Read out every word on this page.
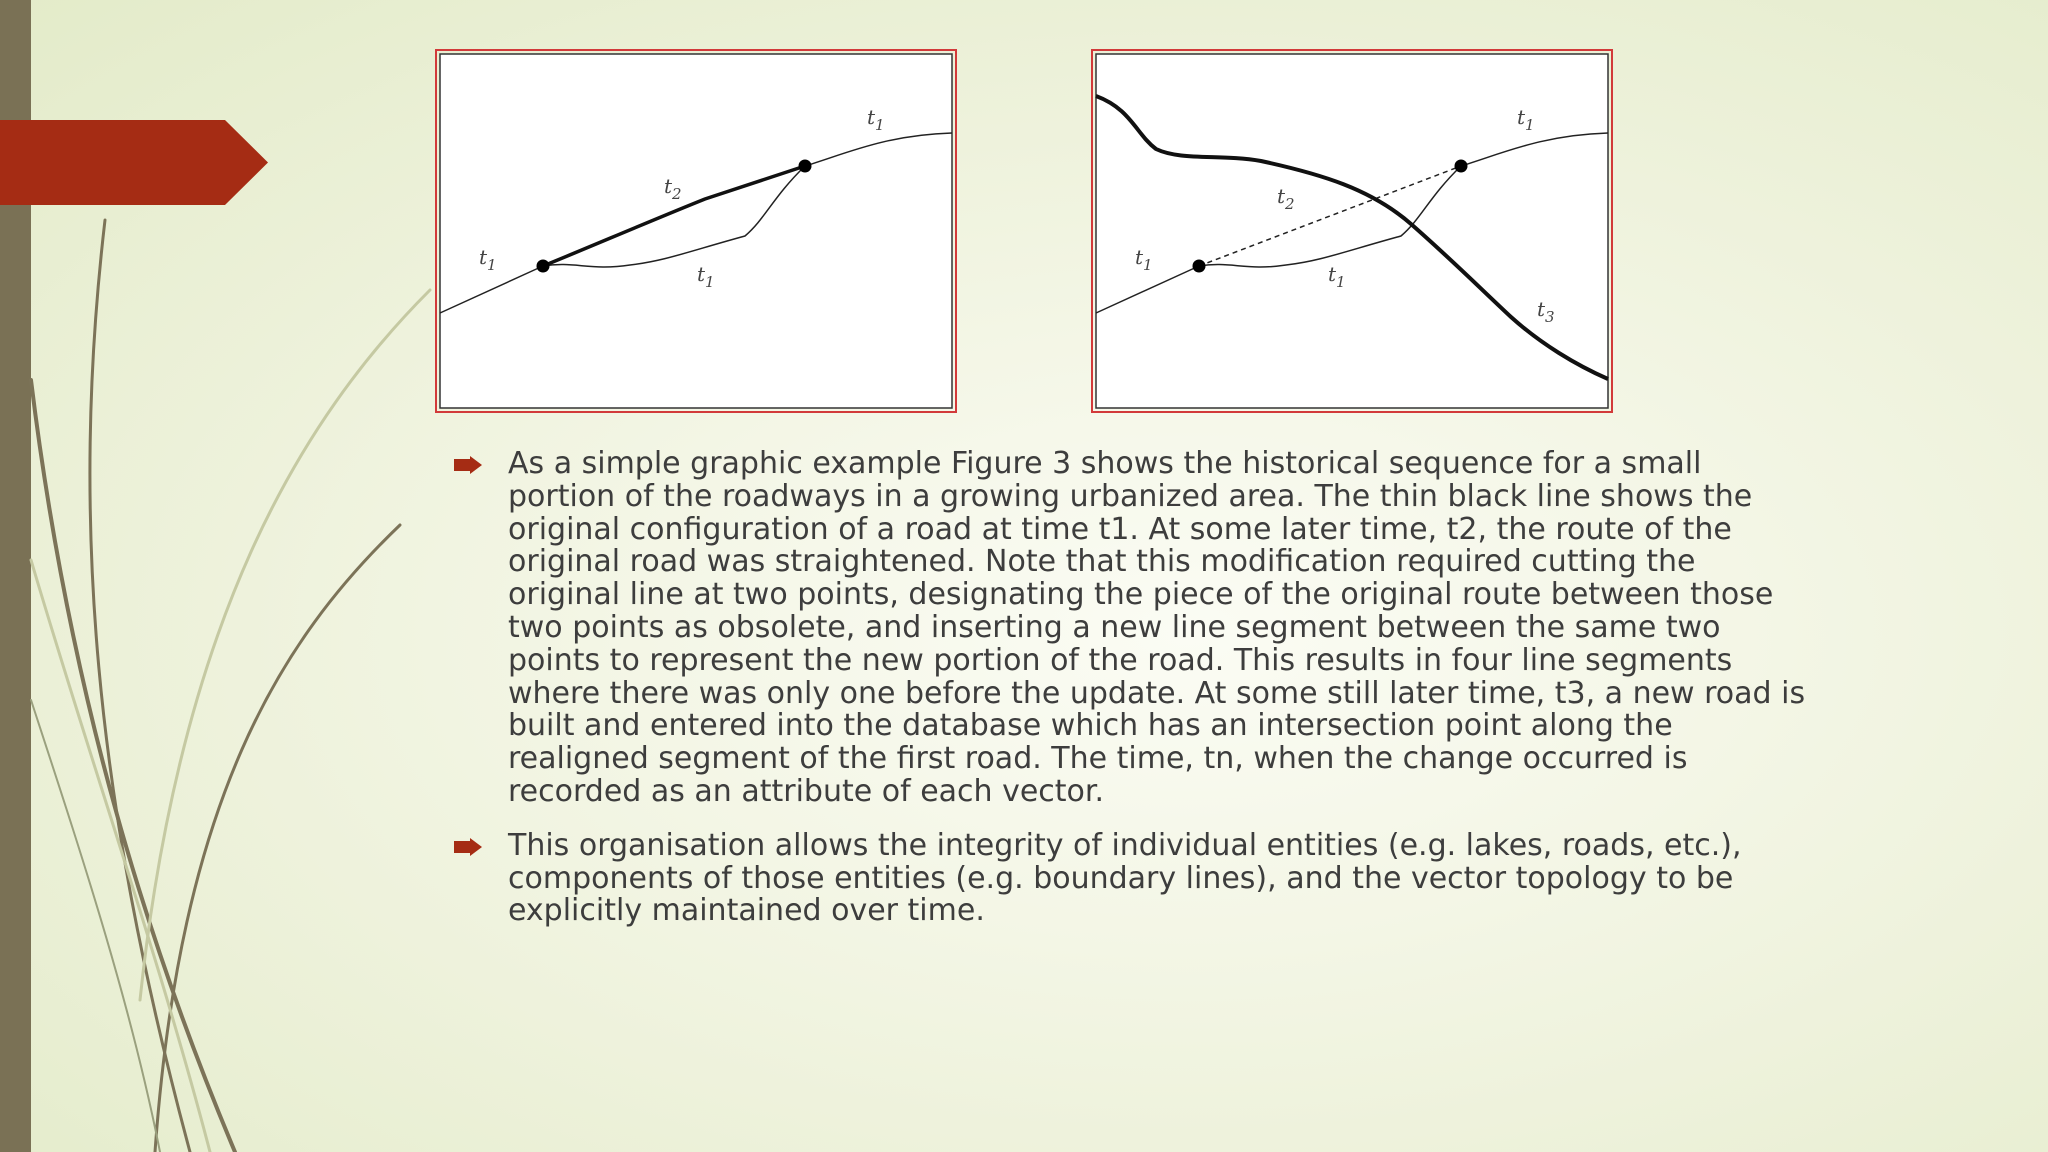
$t_1$
$t_2$
$t_1$
$t_1$
$t_1$
$t_2$
$t_1$
$t_1$
$t_3$
As a simple graphic example Figure 3 shows the historical sequence for a small portion of the roadways in a growing urbanized area. The thin black line shows the original configuration of a road at time t1. At some later time, t2, the route of the original road was straightened. Note that this modification required cutting the original line at two points, designating the piece of the original route between those two points as obsolete, and inserting a new line segment between the same two points to represent the new portion of the road. This results in four line segments where there was only one before the update. At some still later time, t3, a new road is built and entered into the database which has an intersection point along the realigned segment of the first road. The time, tn, when the change occurred is recorded as an attribute of each vector.
This organisation allows the integrity of individual entities (e.g. lakes, roads, etc.), components of those entities (e.g. boundary lines), and the vector topology to be explicitly maintained over time.
